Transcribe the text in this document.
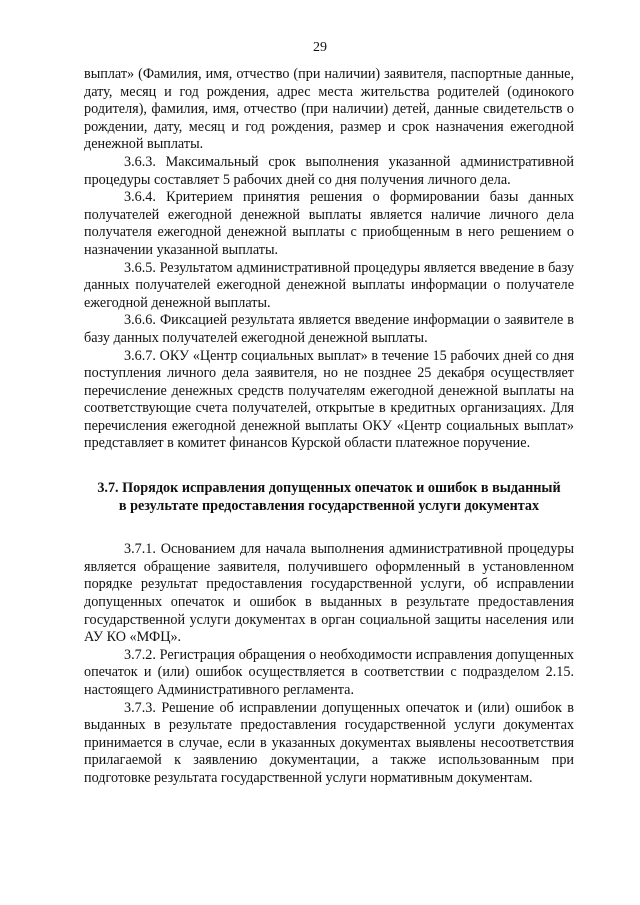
29

выплат» (Фамилия, имя, отчество (при наличии) заявителя, паспортные данные, дату, месяц и год рождения, адрес места жительства родителей (одинокого родителя), фамилия, имя, отчество (при наличии) детей, данные свидетельств о рождении, дату, месяц и год рождения, размер и срок назначения ежегодной денежной выплаты.

3.6.3. Максимальный срок выполнения указанной административной процедуры составляет 5 рабочих дней со дня получения личного дела.

3.6.4. Критерием принятия решения о формировании базы данных получателей ежегодной денежной выплаты является наличие личного дела получателя ежегодной денежной выплаты с приобщенным в него решением о назначении указанной выплаты.

3.6.5. Результатом административной процедуры является введение в базу данных получателей ежегодной денежной выплаты информации о получателе ежегодной денежной выплаты.

3.6.6. Фиксацией результата является введение информации о заявителе в базу данных получателей ежегодной денежной выплаты.

3.6.7. ОКУ «Центр социальных выплат» в течение 15 рабочих дней со дня поступления личного дела заявителя, но не позднее 25 декабря осуществляет перечисление денежных средств получателям ежегодной денежной выплаты на соответствующие счета получателей, открытые в кредитных организациях. Для перечисления ежегодной денежной выплаты ОКУ «Центр социальных выплат» представляет в комитет финансов Курской области платежное поручение.

3.7. Порядок исправления допущенных опечаток и ошибок в выданный в результате предоставления государственной услуги документах

3.7.1. Основанием для начала выполнения административной процедуры является обращение заявителя, получившего оформленный в установленном порядке результат предоставления государственной услуги, об исправлении допущенных опечаток и ошибок в выданных в результате предоставления государственной услуги документах в орган социальной защиты населения или АУ КО «МФЦ».

3.7.2. Регистрация обращения о необходимости исправления допущенных опечаток и (или) ошибок осуществляется в соответствии с подразделом 2.15. настоящего Административного регламента.

3.7.3. Решение об исправлении допущенных опечаток и (или) ошибок в выданных в результате предоставления государственной услуги документах принимается в случае, если в указанных документах выявлены несоответствия прилагаемой к заявлению документации, а также использованным при подготовке результата государственной услуги нормативным документам.
